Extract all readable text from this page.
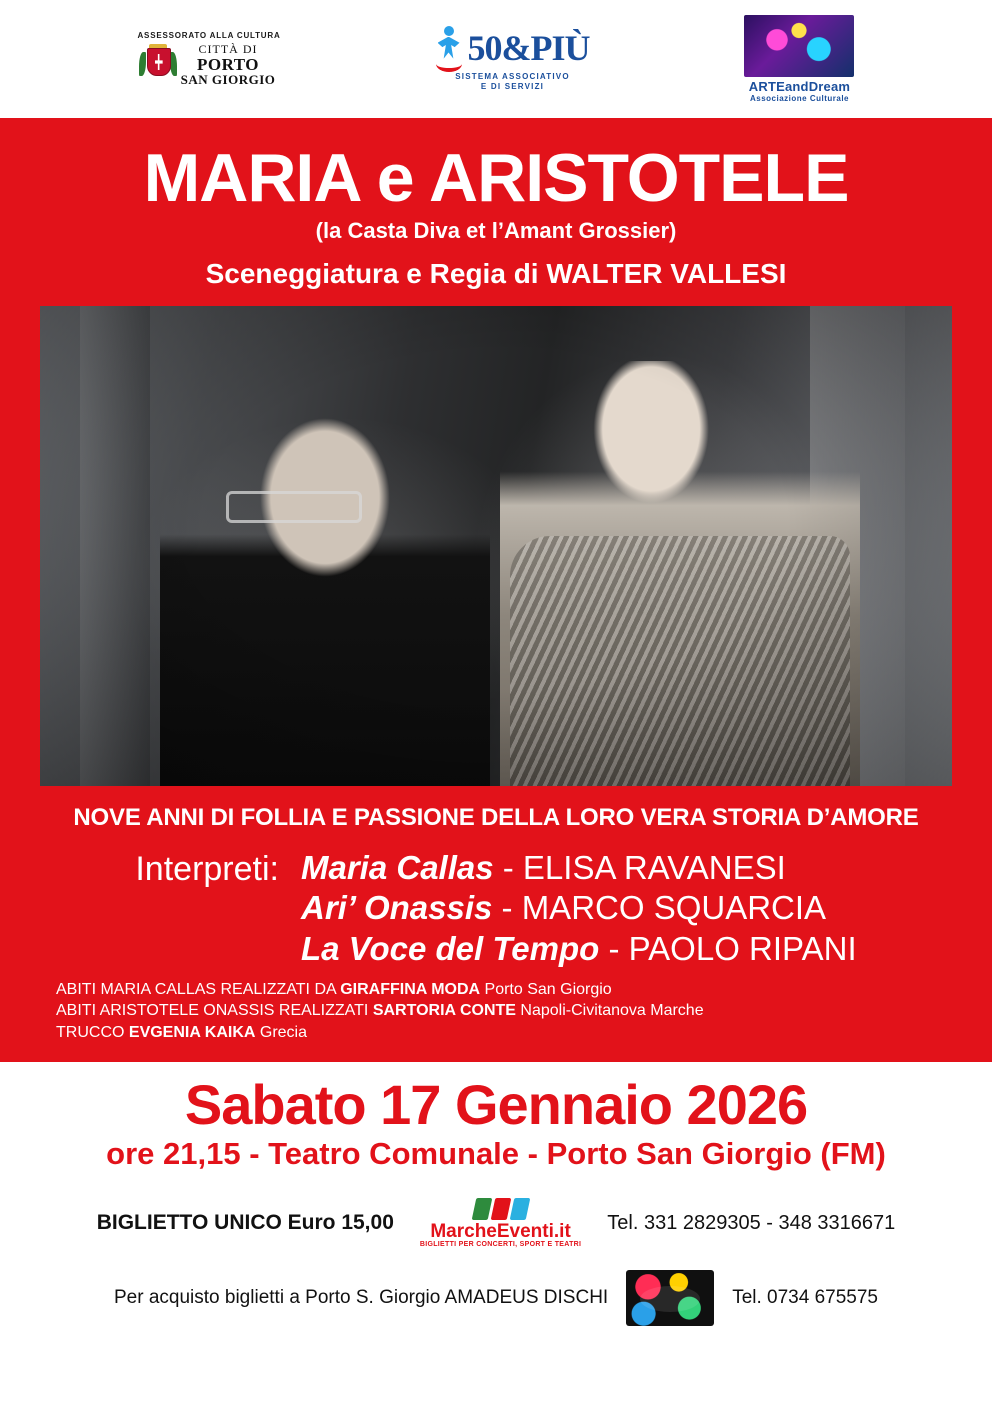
ASSESSORATO ALLA CULTURA
CITTÀ DI
PORTO
SAN GIORGIO
50&PIÙ
SISTEMA ASSOCIATIVO
E DI SERVIZI	ARTEandDream
Associazione Culturale
MARIA e ARISTOTELE
(la Casta Diva et l’Amant Grossier)
Sceneggiatura e Regia di WALTER VALLESI
NOVE ANNI DI FOLLIA E PASSIONE DELLA LORO VERA STORIA D’AMORE
Interpreti: Maria Callas - ELISA RAVANESI
Ari’ Onassis - MARCO SQUARCIA
La Voce del Tempo - PAOLO RIPANI
ABITI MARIA CALLAS REALIZZATI DA GIRAFFINA MODA Porto San Giorgio
ABITI ARISTOTELE ONASSIS REALIZZATI SARTORIA CONTE Napoli-Civitanova Marche
TRUCCO EVGENIA KAIKA Grecia
Sabato 17 Gennaio 2026
ore 21,15 - Teatro Comunale - Porto San Giorgio (FM)
BIGLIETTO UNICO Euro 15,00	MarcheEventi.it
BIGLIETTI PER CONCERTI, SPORT E TEATRI
Tel. 331 2829305 - 348 3316671
Per acquisto biglietti a Porto S. Giorgio AMADEUS DISCHI	Tel. 0734 675575
